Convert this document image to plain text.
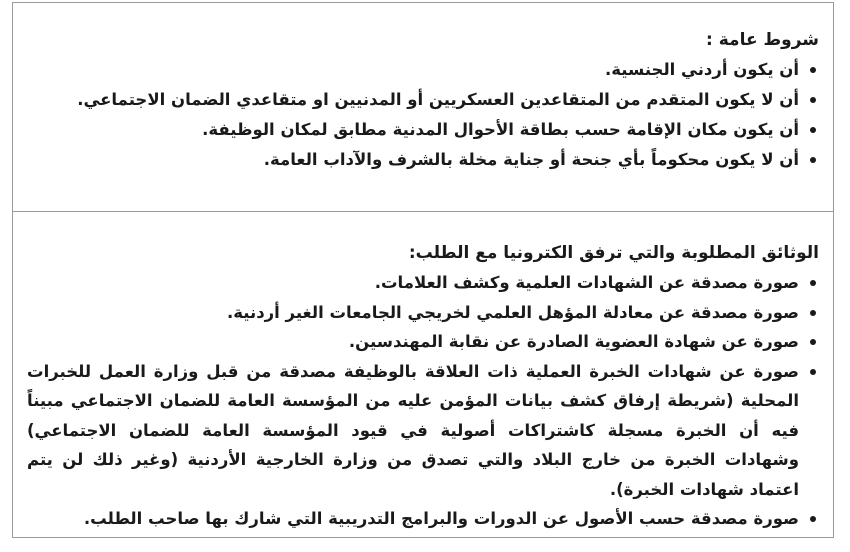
شروط عامة :

أن يكون أردني الجنسية.
أن لا يكون المتقدم من المتقاعدين العسكريين أو المدنيين او متقاعدي الضمان الاجتماعي.
أن يكون مكان الإقامة حسب بطاقة الأحوال المدنية مطابق لمكان الوظيفة.
أن لا يكون محكوماً بأي جنحة أو جناية مخلة بالشرف والآداب العامة.

الوثائق المطلوبة والتي ترفق الكترونيا مع الطلب:

صورة مصدقة عن الشهادات العلمية وكشف العلامات.
صورة مصدقة عن معادلة المؤهل العلمي لخريجي الجامعات الغير أردنية.
صورة عن شهادة العضوية الصادرة عن نقابة المهندسين.
صورة عن شهادات الخبرة العملية ذات العلاقة بالوظيفة مصدقة من قبل وزارة العمل للخبرات المحلية (شريطة إرفاق كشف بيانات المؤمن عليه من المؤسسة العامة للضمان الاجتماعي مبيناً فيه أن الخبرة مسجلة كاشتراكات أصولية في قيود المؤسسة العامة للضمان الاجتماعي) وشهادات الخبرة من خارج البلاد والتي تصدق من وزارة الخارجية الأردنية (وغير ذلك لن يتم اعتماد شهادات الخبرة).
صورة مصدقة حسب الأصول عن الدورات والبرامج التدريبية التي شارك بها صاحب الطلب.
